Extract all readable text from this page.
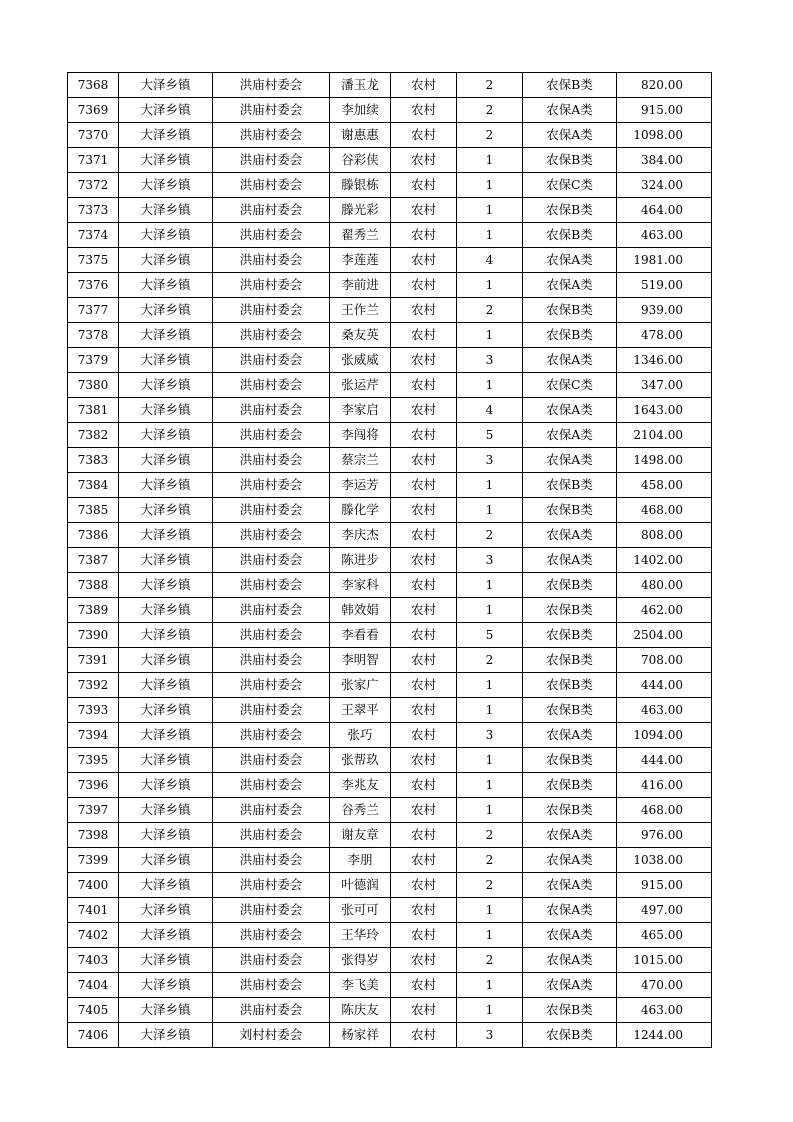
7368	大泽乡镇	洪庙村委会	潘玉龙	农村	2	农保B类	820.00
7369	大泽乡镇	洪庙村委会	李加续	农村	2	农保A类	915.00
7370	大泽乡镇	洪庙村委会	谢惠惠	农村	2	农保A类	1098.00
7371	大泽乡镇	洪庙村委会	谷彩侠	农村	1	农保B类	384.00
7372	大泽乡镇	洪庙村委会	滕银栋	农村	1	农保C类	324.00
7373	大泽乡镇	洪庙村委会	滕光彩	农村	1	农保B类	464.00
7374	大泽乡镇	洪庙村委会	翟秀兰	农村	1	农保B类	463.00
7375	大泽乡镇	洪庙村委会	李莲莲	农村	4	农保A类	1981.00
7376	大泽乡镇	洪庙村委会	李前进	农村	1	农保A类	519.00
7377	大泽乡镇	洪庙村委会	王作兰	农村	2	农保B类	939.00
7378	大泽乡镇	洪庙村委会	桑友英	农村	1	农保B类	478.00
7379	大泽乡镇	洪庙村委会	张威威	农村	3	农保A类	1346.00
7380	大泽乡镇	洪庙村委会	张运芹	农村	1	农保C类	347.00
7381	大泽乡镇	洪庙村委会	李家启	农村	4	农保A类	1643.00
7382	大泽乡镇	洪庙村委会	李闯将	农村	5	农保A类	2104.00
7383	大泽乡镇	洪庙村委会	蔡宗兰	农村	3	农保A类	1498.00
7384	大泽乡镇	洪庙村委会	李运芳	农村	1	农保B类	458.00
7385	大泽乡镇	洪庙村委会	滕化学	农村	1	农保B类	468.00
7386	大泽乡镇	洪庙村委会	李庆杰	农村	2	农保A类	808.00
7387	大泽乡镇	洪庙村委会	陈进步	农村	3	农保A类	1402.00
7388	大泽乡镇	洪庙村委会	李家科	农村	1	农保B类	480.00
7389	大泽乡镇	洪庙村委会	韩效娟	农村	1	农保B类	462.00
7390	大泽乡镇	洪庙村委会	李看看	农村	5	农保B类	2504.00
7391	大泽乡镇	洪庙村委会	李明智	农村	2	农保B类	708.00
7392	大泽乡镇	洪庙村委会	张家广	农村	1	农保B类	444.00
7393	大泽乡镇	洪庙村委会	王翠平	农村	1	农保B类	463.00
7394	大泽乡镇	洪庙村委会	张巧	农村	3	农保A类	1094.00
7395	大泽乡镇	洪庙村委会	张帮玖	农村	1	农保B类	444.00
7396	大泽乡镇	洪庙村委会	李兆友	农村	1	农保B类	416.00
7397	大泽乡镇	洪庙村委会	谷秀兰	农村	1	农保B类	468.00
7398	大泽乡镇	洪庙村委会	谢友章	农村	2	农保A类	976.00
7399	大泽乡镇	洪庙村委会	李朋	农村	2	农保A类	1038.00
7400	大泽乡镇	洪庙村委会	叶德润	农村	2	农保A类	915.00
7401	大泽乡镇	洪庙村委会	张可可	农村	1	农保A类	497.00
7402	大泽乡镇	洪庙村委会	王华玲	农村	1	农保A类	465.00
7403	大泽乡镇	洪庙村委会	张得岁	农村	2	农保A类	1015.00
7404	大泽乡镇	洪庙村委会	李飞美	农村	1	农保A类	470.00
7405	大泽乡镇	洪庙村委会	陈庆友	农村	1	农保B类	463.00
7406	大泽乡镇	刘村村委会	杨家祥	农村	3	农保B类	1244.00
